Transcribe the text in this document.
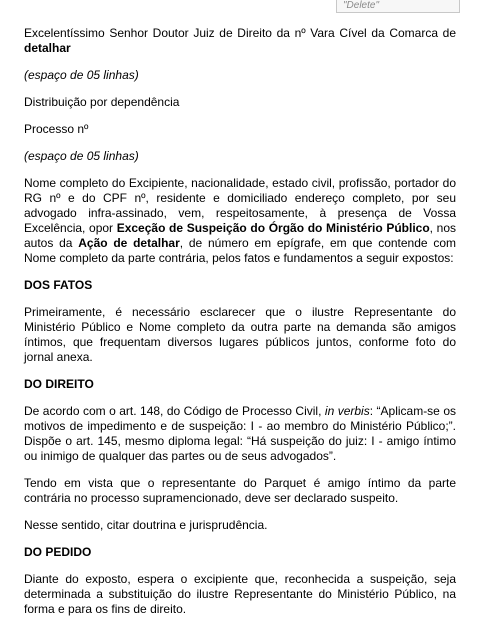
"Delete"

Excelentíssimo Senhor Doutor Juiz de Direito da nº Vara Cível da Comarca de detalhar

(espaço de 05 linhas)

Distribuição por dependência

Processo nº

(espaço de 05 linhas)

Nome completo do Excipiente, nacionalidade, estado civil, profissão, portador do RG nº e do CPF nº, residente e domiciliado endereço completo, por seu advogado infra-assinado, vem, respeitosamente, à presença de Vossa Excelência, opor Exceção de Suspeição do Órgão do Ministério Público, nos autos da Ação de detalhar, de número em epígrafe, em que contende com Nome completo da parte contrária, pelos fatos e fundamentos a seguir expostos:

DOS FATOS

Primeiramente, é necessário esclarecer que o ilustre Representante do Ministério Público e Nome completo da outra parte na demanda são amigos íntimos, que frequentam diversos lugares públicos juntos, conforme foto do jornal anexa.

DO DIREITO

De acordo com o art. 148, do Código de Processo Civil, in verbis: “Aplicam-se os motivos de impedimento e de suspeição: I - ao membro do Ministério Público;”. Dispõe o art. 145, mesmo diploma legal: “Há suspeição do juiz: I - amigo íntimo ou inimigo de qualquer das partes ou de seus advogados”.

Tendo em vista que o representante do Parquet é amigo íntimo da parte contrária no processo supramencionado, deve ser declarado suspeito.

Nesse sentido, citar doutrina e jurisprudência.

DO PEDIDO

Diante do exposto, espera o excipiente que, reconhecida a suspeição, seja determinada a substituição do ilustre Representante do Ministério Público, na forma e para os fins de direito.
